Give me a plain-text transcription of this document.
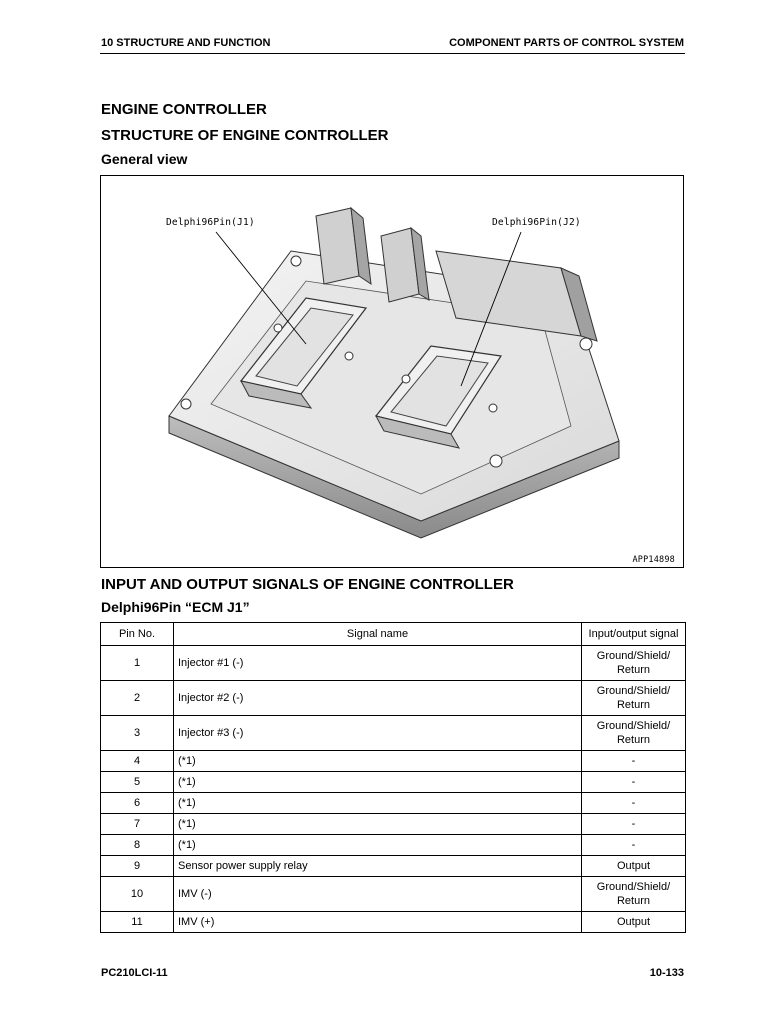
10 STRUCTURE AND FUNCTION	COMPONENT PARTS OF CONTROL SYSTEM
ENGINE CONTROLLER
STRUCTURE OF ENGINE CONTROLLER
General view
Delphi96Pin(J1)	Delphi96Pin(J2)
APP14898
INPUT AND OUTPUT SIGNALS OF ENGINE CONTROLLER
Delphi96Pin “ECM J1”
Pin No.	Signal name	Input/output signal
1	Injector #1 (-)	Ground/Shield/
Return
2	Injector #2 (-)	Ground/Shield/
Return
3	Injector #3 (-)	Ground/Shield/
Return
4	(*1)	-
5	(*1)	-
6	(*1)	-
7	(*1)	-
8	(*1)	-
9	Sensor power supply relay	Output
10	IMV (-)	Ground/Shield/
Return
11	IMV (+)	Output
PC210LCI-11	10-133
